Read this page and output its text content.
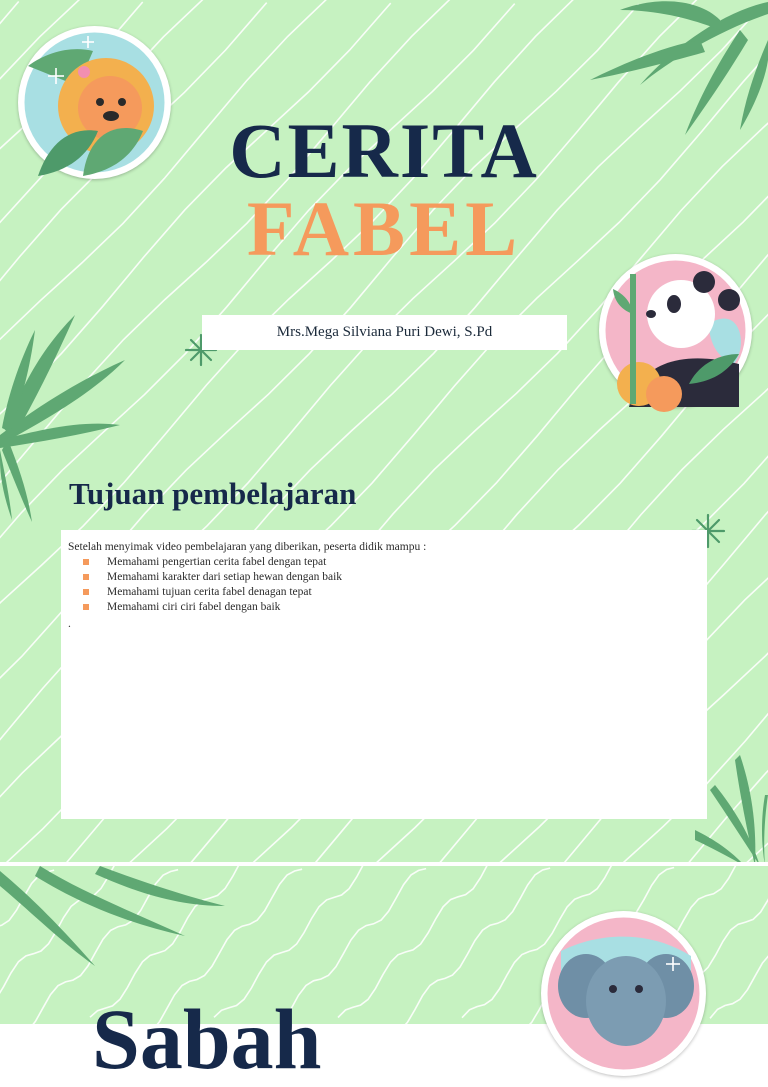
CERITA
FABEL
Mrs.Mega Silviana Puri Dewi, S.Pd
Tujuan pembelajaran
Setelah menyimak video pembelajaran yang diberikan, peserta didik mampu :
Memahami pengertian cerita fabel dengan tepat
Memahami karakter dari setiap hewan dengan baik
Memahami tujuan cerita fabel denagan tepat
Memahami ciri ciri fabel dengan baik
.
Sabah
